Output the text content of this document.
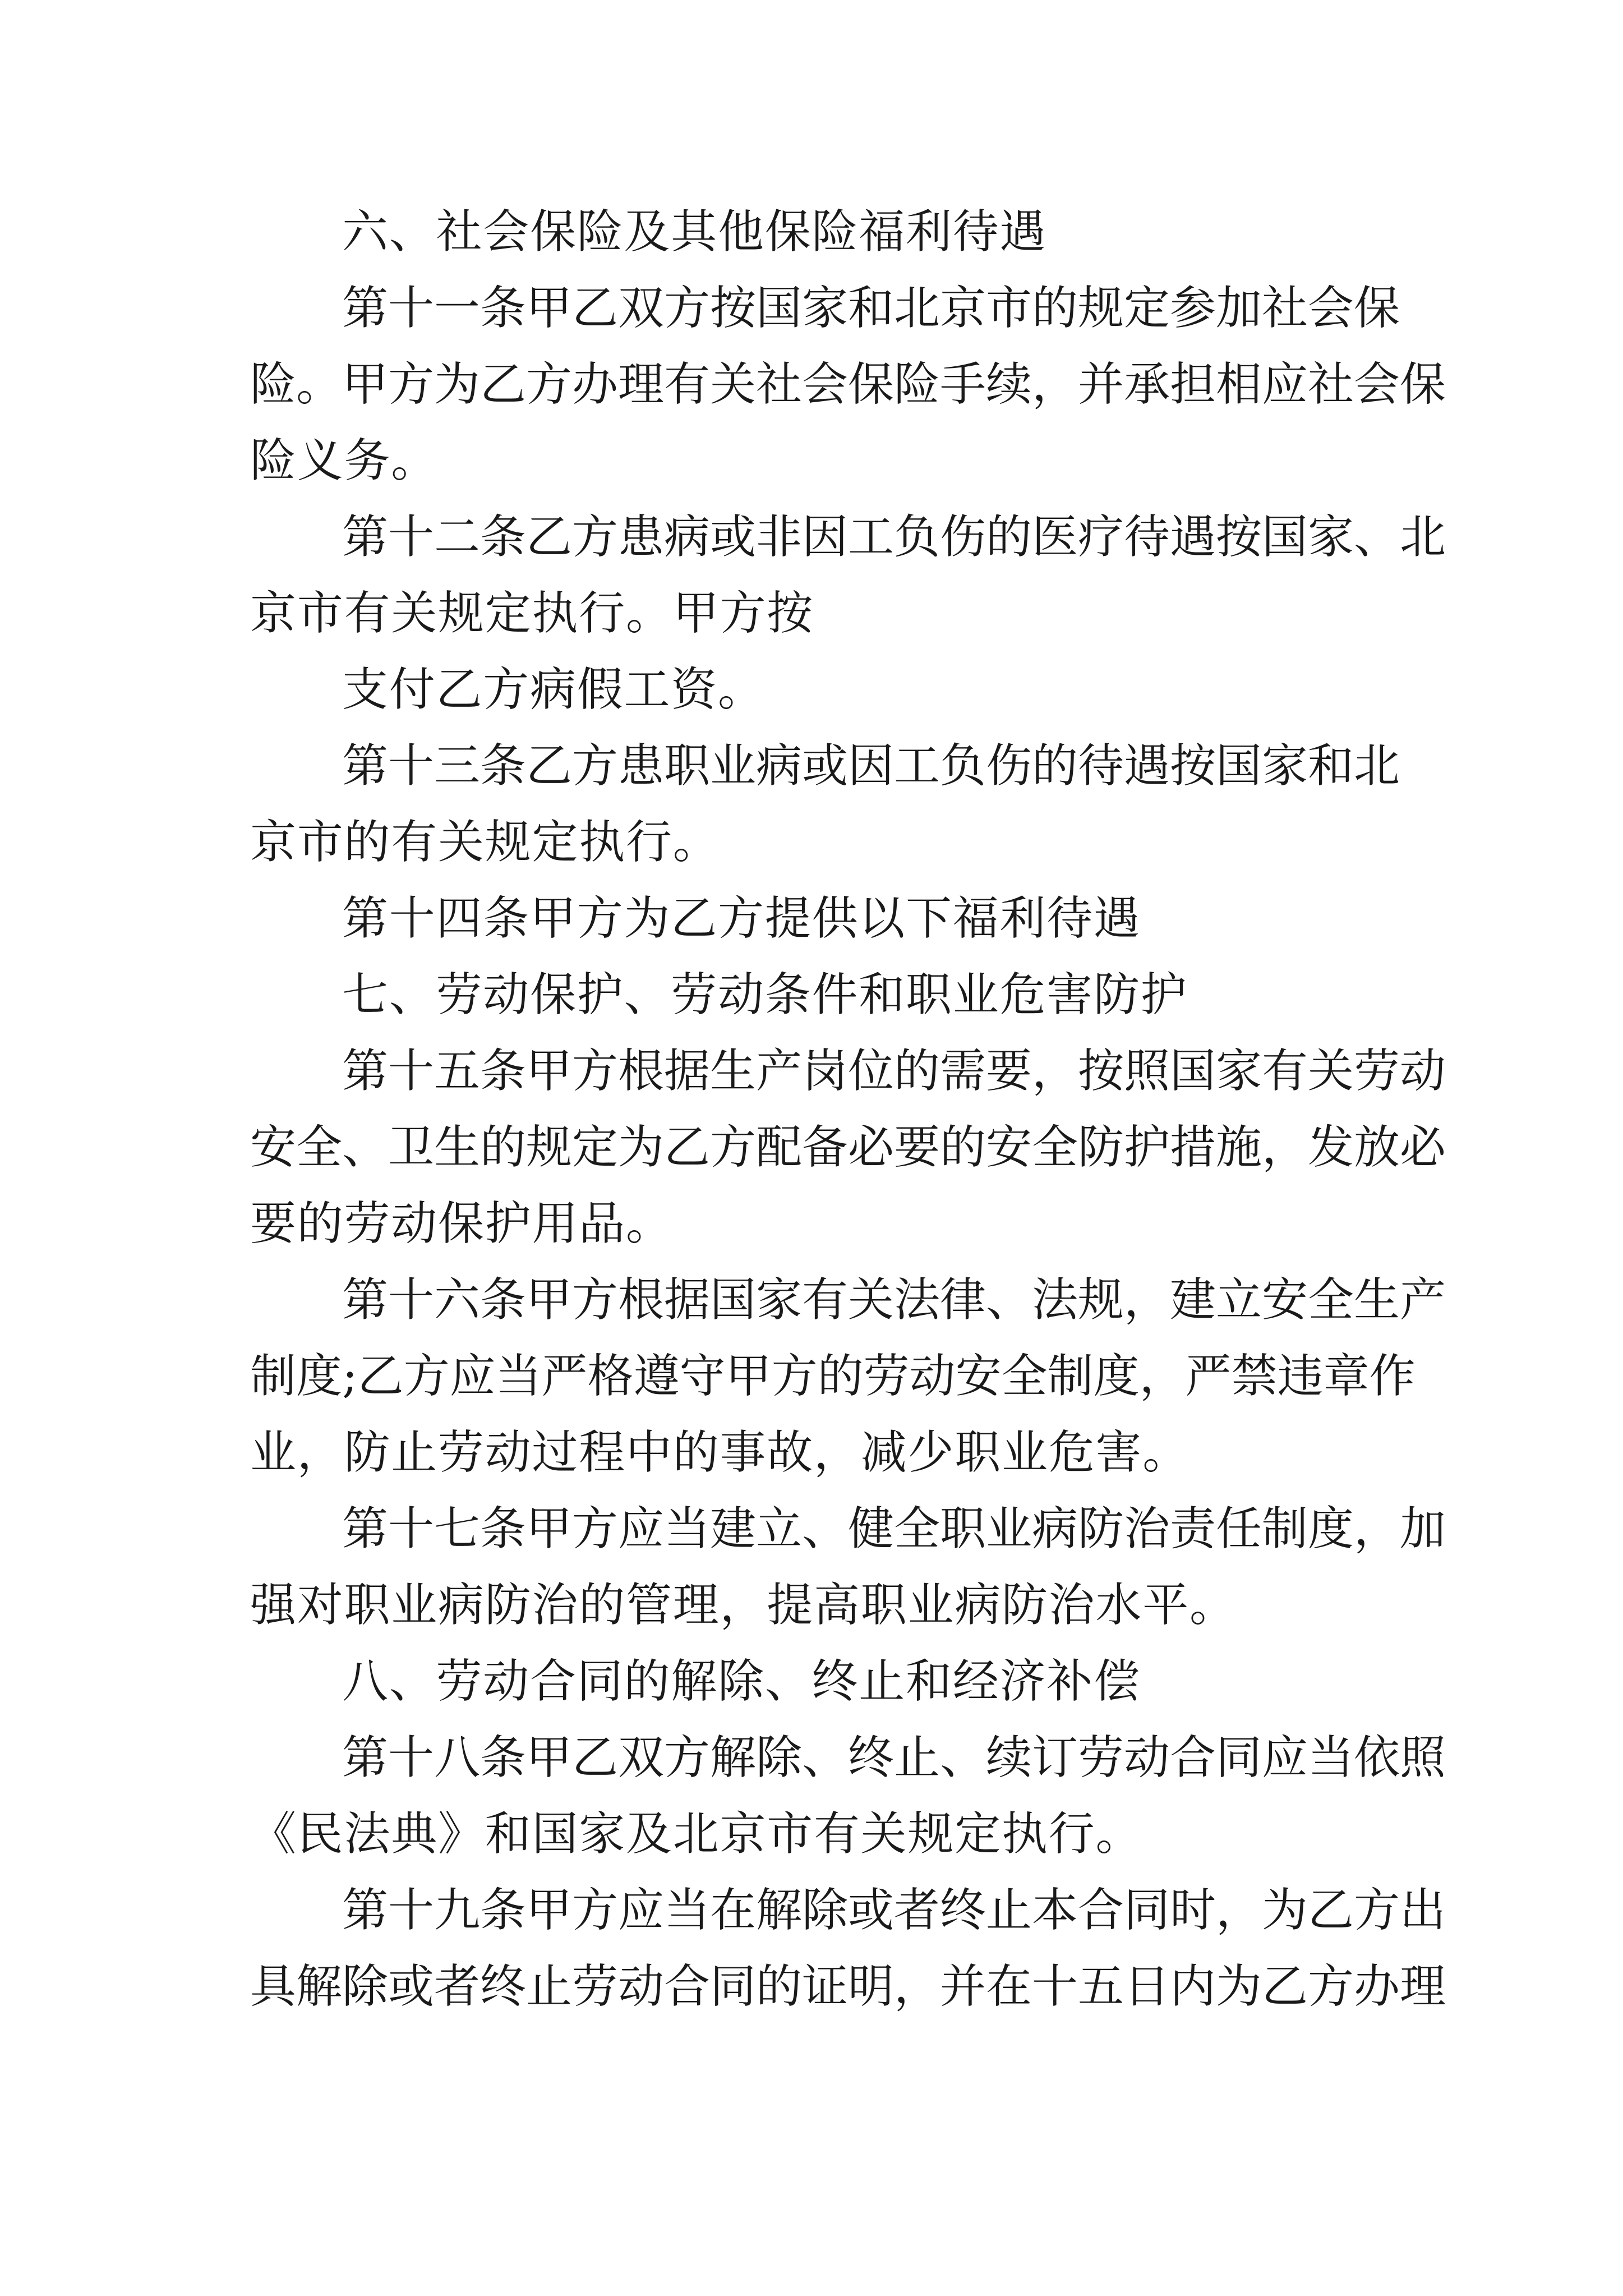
六、社会保险及其他保险福利待遇
第十一条甲乙双方按国家和北京市的规定参加社会保
险。甲方为乙方办理有关社会保险手续，并承担相应社会保
险义务。
第十二条乙方患病或非因工负伤的医疗待遇按国家、北
京市有关规定执行。甲方按
支付乙方病假工资。
第十三条乙方患职业病或因工负伤的待遇按国家和北
京市的有关规定执行。
第十四条甲方为乙方提供以下福利待遇
七、劳动保护、劳动条件和职业危害防护
第十五条甲方根据生产岗位的需要，按照国家有关劳动
安全、卫生的规定为乙方配备必要的安全防护措施，发放必
要的劳动保护用品。
第十六条甲方根据国家有关法律、法规，建立安全生产
制度;乙方应当严格遵守甲方的劳动安全制度，严禁违章作
业，防止劳动过程中的事故，减少职业危害。
第十七条甲方应当建立、健全职业病防治责任制度，加
强对职业病防治的管理，提高职业病防治水平。
八、劳动合同的解除、终止和经济补偿
第十八条甲乙双方解除、终止、续订劳动合同应当依照
《民法典》和国家及北京市有关规定执行。
第十九条甲方应当在解除或者终止本合同时，为乙方出
具解除或者终止劳动合同的证明，并在十五日内为乙方办理
